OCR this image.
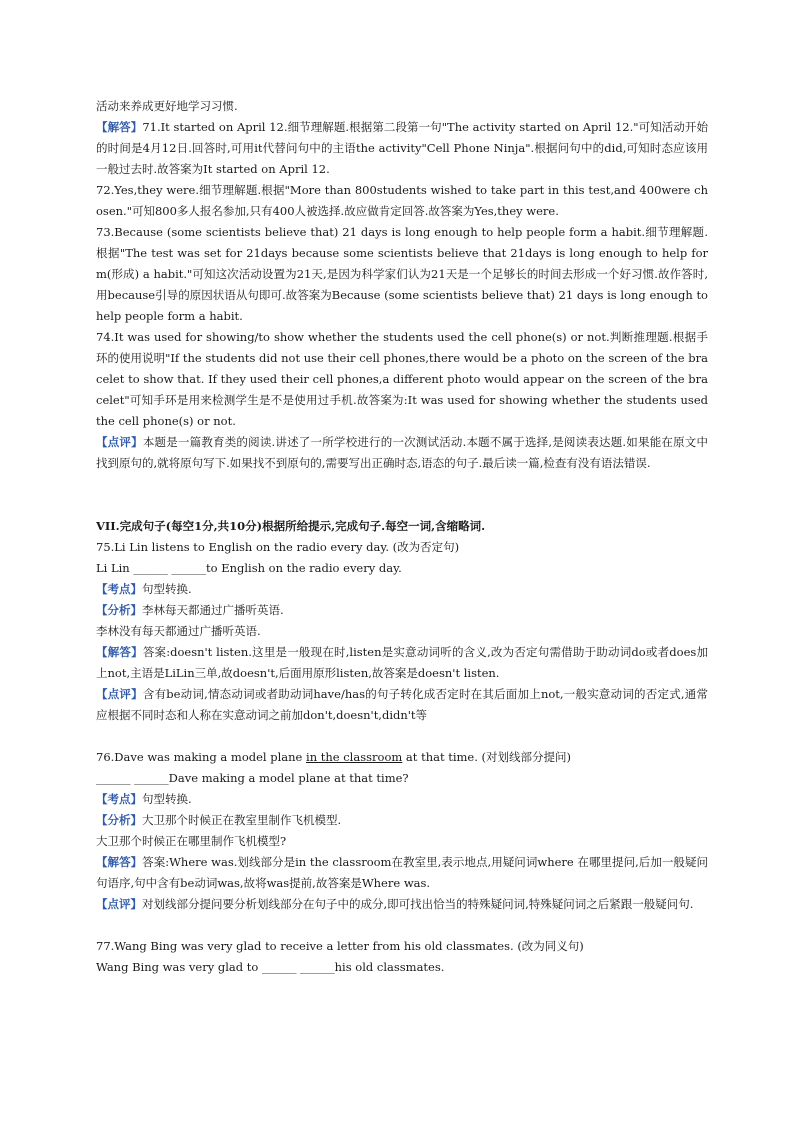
活动来养成更好地学习习惯.

【解答】71.It started on April 12.细节理解题.根据第二段第一句"The activity started on April 12."可知活动开始的时间是4月12日.回答时,可用it代替问句中的主语the activity"Cell Phone Ninja".根据问句中的did,可知时态应该用一般过去时.故答案为It started on April 12.

72.Yes,they were.细节理解题.根据"More than 800students wished to take part in this test,and 400were chosen."可知800多人报名参加,只有400人被选择.故应做肯定回答.故答案为Yes,they were.

73.Because (some scientists believe that) 21 days is long enough to help people form a habit.细节理解题.根据"The test was set for 21days because some scientists believe that 21days is long enough to help form(形成) a habit."可知这次活动设置为21天,是因为科学家们认为21天是一个足够长的时间去形成一个好习惯.故作答时,用because引导的原因状语从句即可.故答案为Because (some scientists believe that) 21 days is long enough to help people form a habit.

74.It was used for showing/to show whether the students used the cell phone(s) or not.判断推理题.根据手环的使用说明"If the students did not use their cell phones,there would be a photo on the screen of the bracelet to show that. If they used their cell phones,a different photo would appear on the screen of the bracelet"可知手环是用来检测学生是不是使用过手机.故答案为:It was used for showing whether the students used the cell phone(s) or not.

【点评】本题是一篇教育类的阅读.讲述了一所学校进行的一次测试活动.本题不属于选择,是阅读表达题.如果能在原文中找到原句的,就将原句写下.如果找不到原句的,需要写出正确时态,语态的句子.最后读一篇,检查有没有语法错误.

VII.完成句子(每空1分,共10分)根据所给提示,完成句子.每空一词,含缩略词.

75.Li Lin listens to English on the radio every day. (改为否定句)

Li Lin ______ ______to English on the radio every day.

【考点】句型转换.

【分析】李林每天都通过广播听英语.

李林没有每天都通过广播听英语.

【解答】答案:doesn't listen.这里是一般现在时,listen是实意动词听的含义,改为否定句需借助于助动词do或者does加上not,主语是LiLin三单,故doesn't,后面用原形listen,故答案是doesn't listen.

【点评】含有be动词,情态动词或者助动词have/has的句子转化成否定时在其后面加上not,一般实意动词的否定式,通常应根据不同时态和人称在实意动词之前加don't,doesn't,didn't等

76.Dave was making a model plane in the classroom at that time. (对划线部分提问)

______ ______Dave making a model plane at that time?

【考点】句型转换.

【分析】大卫那个时候正在教室里制作飞机模型.

大卫那个时候正在哪里制作飞机模型?

【解答】答案:Where was.划线部分是in the classroom在教室里,表示地点,用疑问词where 在哪里提问,后加一般疑问句语序,句中含有be动词was,故将was提前,故答案是Where was.

【点评】对划线部分提问要分析划线部分在句子中的成分,即可找出恰当的特殊疑问词,特殊疑问词之后紧跟一般疑问句.

77.Wang Bing was very glad to receive a letter from his old classmates. (改为同义句)

Wang Bing was very glad to ______ ______his old classmates.
